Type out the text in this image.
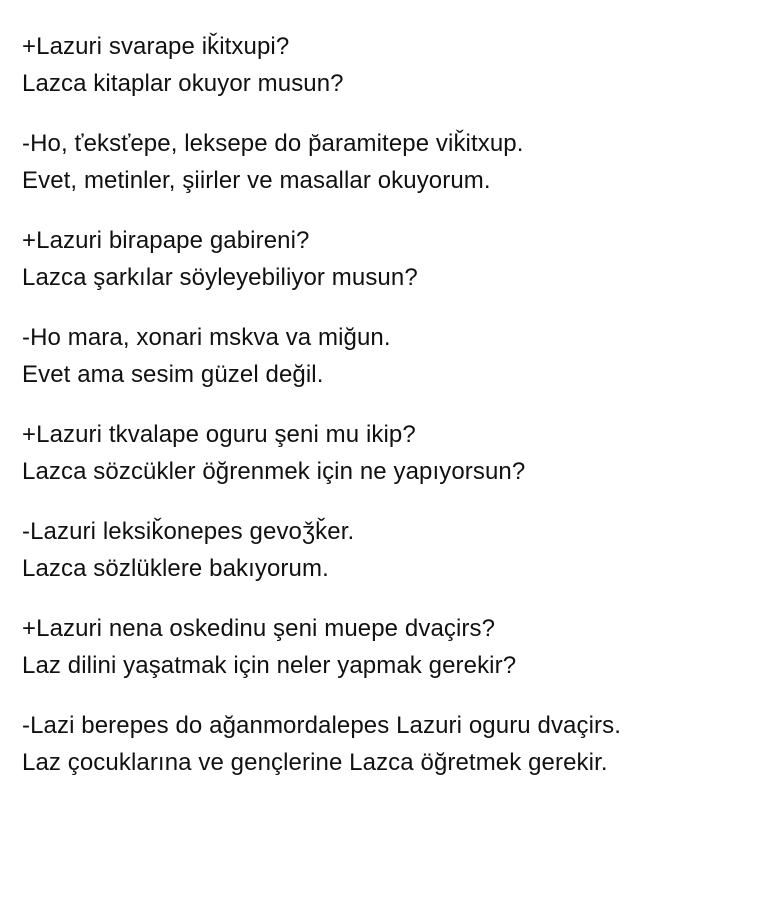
+Lazuri svarape iǩitxupi?
Lazca kitaplar okuyor musun?
-Ho, ťeksťepe, leksepe do p̆aramitepe viǩitxup.
Evet, metinler, şiirler ve masallar okuyorum.
+Lazuri birapape gabireni?
Lazca şarkılar söyleyebiliyor musun?
-Ho mara, xonari mskva va miğun.
Evet ama sesim güzel değil.
+Lazuri tkvalape oguru şeni mu ikip?
Lazca sözcükler öğrenmek için ne yapıyorsun?
-Lazuri leksiǩonepes gevoǯǩer.
Lazca sözlüklere bakıyorum.
+Lazuri nena oskedinu şeni muepe dvaçirs?
Laz dilini yaşatmak için neler yapmak gerekir?
-Lazi berepes do ağanmordalepes Lazuri oguru dvaçirs.
Laz çocuklarına ve gençlerine Lazca öğretmek gerekir.
